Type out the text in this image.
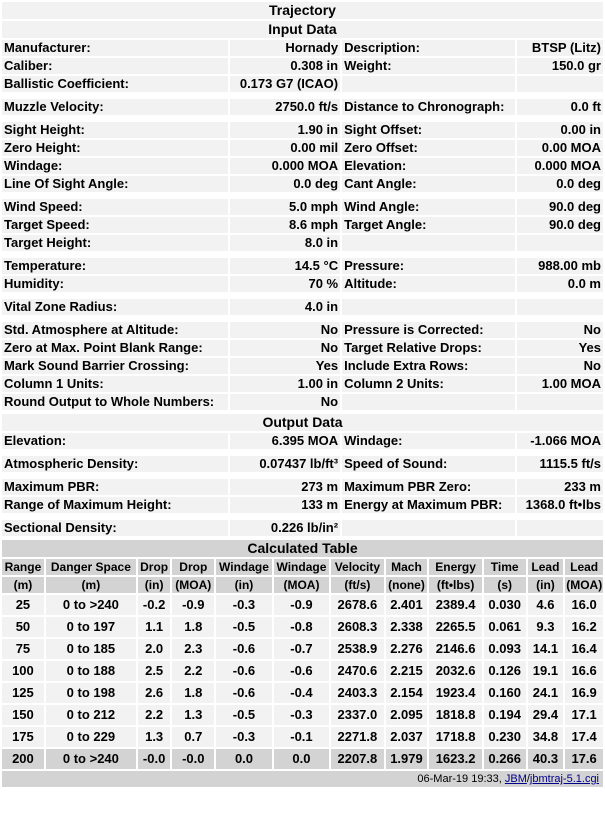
Trajectory			
Input Data			
Manufacturer:	Hornady	Description:	BTSP (Litz)
Caliber:	0.308 in	Weight:	150.0 gr
Ballistic Coefficient:	0.173 G7 (ICAO)		

Muzzle Velocity:	2750.0 ft/s	Distance to Chronograph:	0.0 ft

Sight Height:	1.90 in	Sight Offset:	0.00 in
Zero Height:	0.00 mil	Zero Offset:	0.00 MOA
Windage:	0.000 MOA	Elevation:	0.000 MOA
Line Of Sight Angle:	0.0 deg	Cant Angle:	0.0 deg

Wind Speed:	5.0 mph	Wind Angle:	90.0 deg
Target Speed:	8.6 mph	Target Angle:	90.0 deg
Target Height:	8.0 in		

Temperature:	14.5 °C	Pressure:	988.00 mb
Humidity:	70 %	Altitude:	0.0 m

Vital Zone Radius:	4.0 in		

Std. Atmosphere at Altitude:	No	Pressure is Corrected:	No
Zero at Max. Point Blank Range:	No	Target Relative Drops:	Yes
Mark Sound Barrier Crossing:	Yes	Include Extra Rows:	No
Column 1 Units:	1.00 in	Column 2 Units:	1.00 MOA
Round Output to Whole Numbers:	No		
Output Data			
Elevation:	6.395 MOA	Windage:	-1.066 MOA

Atmospheric Density:	0.07437 lb/ft³	Speed of Sound:	1115.5 ft/s

Maximum PBR:	273 m	Maximum PBR Zero:	233 m
Range of Maximum Height:	133 m	Energy at Maximum PBR:	1368.0 ft•lbs

Sectional Density:	0.226 lb/in²		
Calculated Table											
Range	Danger Space	Drop	Drop	Windage	Windage	Velocity	Mach	Energy	Time	Lead	Lead
(m)	(m)	(in)	(MOA)	(in)	(MOA)	(ft/s)	(none)	(ft•lbs)	(s)	(in)	(MOA)
25	0 to >240	-0.2	-0.9	-0.3	-0.9	2678.6	2.401	2389.4	0.030	4.6	16.0
50	0 to 197	1.1	1.8	-0.5	-0.8	2608.3	2.338	2265.5	0.061	9.3	16.2
75	0 to 185	2.0	2.3	-0.6	-0.7	2538.9	2.276	2146.6	0.093	14.1	16.4
100	0 to 188	2.5	2.2	-0.6	-0.6	2470.6	2.215	2032.6	0.126	19.1	16.6
125	0 to 198	2.6	1.8	-0.6	-0.4	2403.3	2.154	1923.4	0.160	24.1	16.9
150	0 to 212	2.2	1.3	-0.5	-0.3	2337.0	2.095	1818.8	0.194	29.4	17.1
175	0 to 229	1.3	0.7	-0.3	-0.1	2271.8	2.037	1718.8	0.230	34.8	17.4
200	0 to >240	-0.0	-0.0	0.0	0.0	2207.8	1.979	1623.2	0.266	40.3	17.6
06-Mar-19 19:33, JBM/jbmtraj-5.1.cgi
